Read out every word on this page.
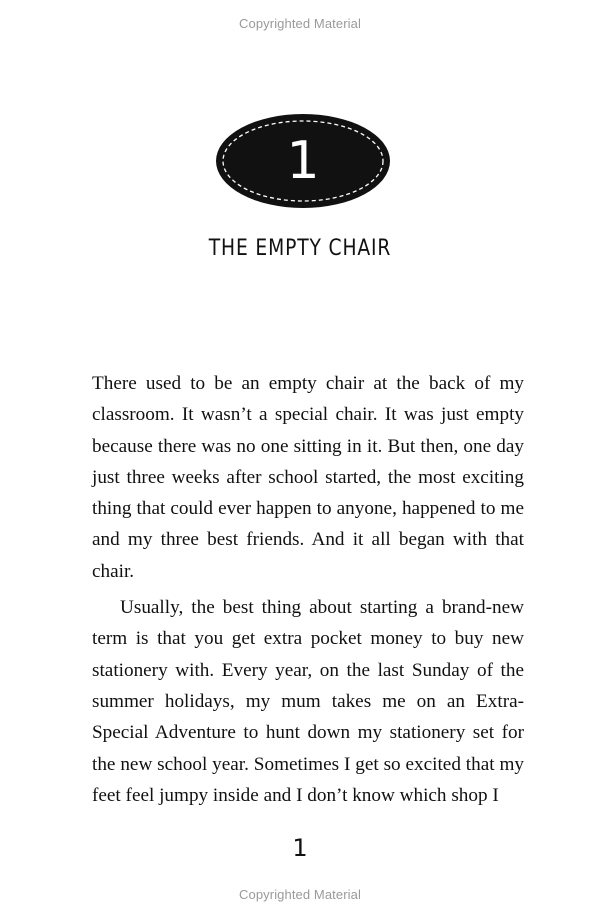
Copyrighted Material
1
THE EMPTY CHAIR

There used to be an empty chair at the back of my classroom. It wasn’t a special chair. It was just empty because there was no one sitting in it. But then, one day just three weeks after school started, the most exciting thing that could ever happen to anyone, happened to me and my three best friends. And it all began with that chair.

Usually, the best thing about starting a brand-new term is that you get extra pocket money to buy new stationery with. Every year, on the last Sunday of the summer holidays, my mum takes me on an Extra-Special Adventure to hunt down my stationery set for the new school year. Sometimes I get so excited that my feet feel jumpy inside and I don’t know which shop I

1
Copyrighted Material
